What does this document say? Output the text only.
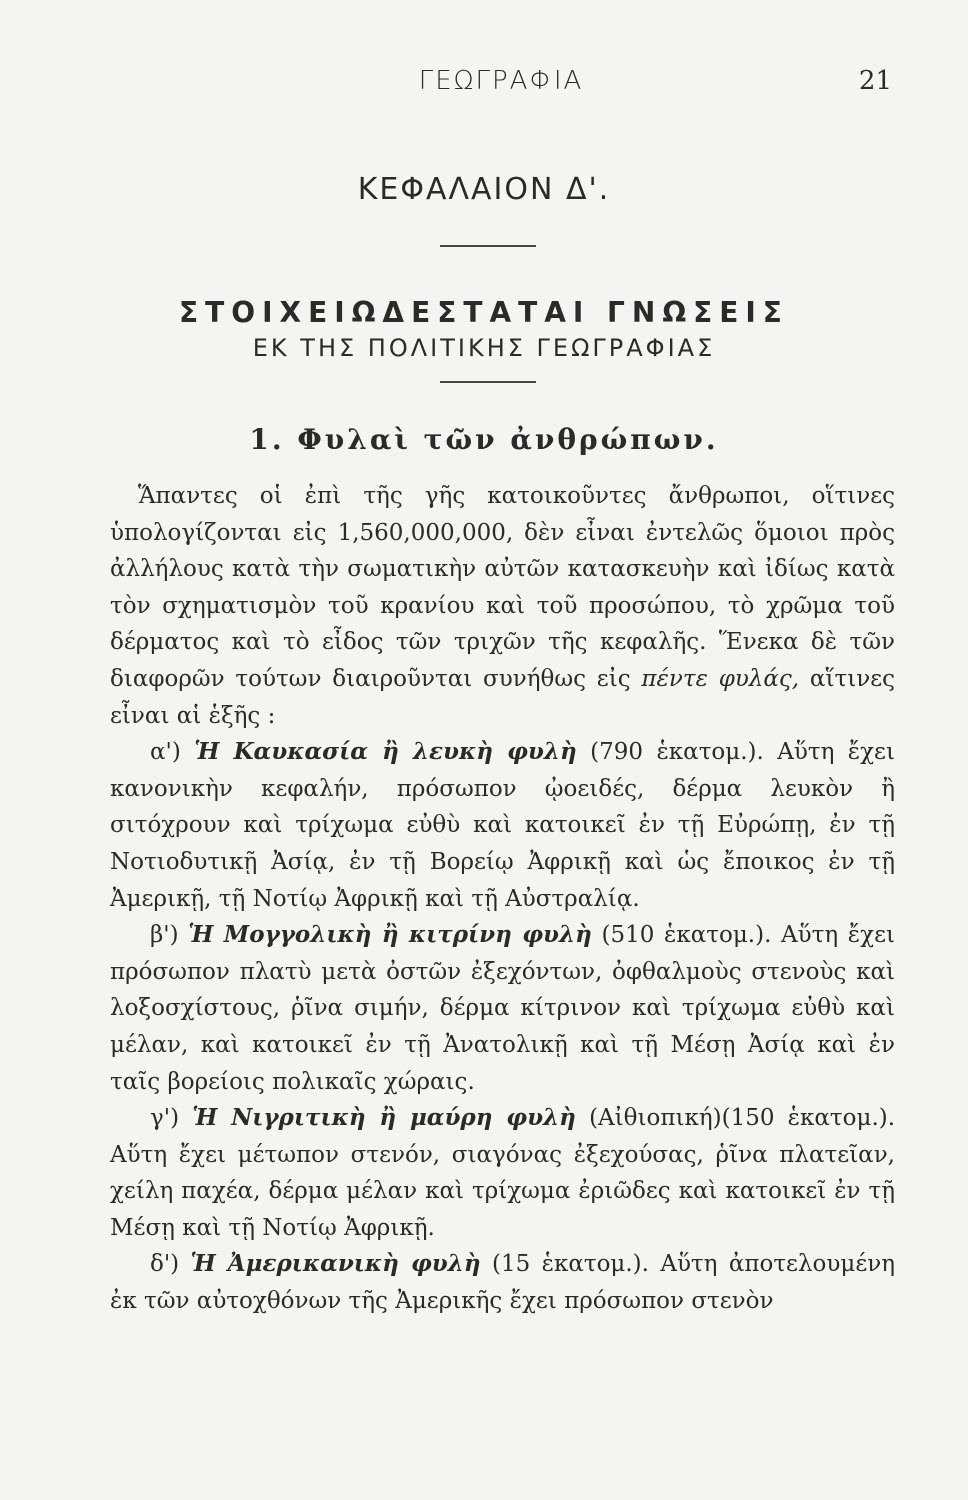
ΓΕΩΓΡΑΦΙΑ	21
ΚΕΦΑΛΑΙΟΝ Δ'.
ΣΤΟΙΧΕΙΩΔΕΣΤΑΤΑΙ ΓΝΩΣΕΙΣ
ΕΚ ΤΗΣ ΠΟΛΙΤΙΚΗΣ ΓΕΩΓΡΑΦΙΑΣ
1. Φυλαὶ τῶν ἀνθρώπων.

Ἅπαντες οἱ ἐπὶ τῆς γῆς κατοικοῦντες ἄνθρωποι, οἵτινες ὑπολογίζονται εἰς 1,560,000,000, δὲν εἶναι ἐντελῶς ὅμοιοι πρὸς ἀλλήλους κατὰ τὴν σωματικὴν αὐτῶν κατασκευὴν καὶ ἰδίως κατὰ τὸν σχηματισμὸν τοῦ κρανίου καὶ τοῦ προσώπου, τὸ χρῶμα τοῦ δέρματος καὶ τὸ εἶδος τῶν τριχῶν τῆς κεφαλῆς. Ἕνεκα δὲ τῶν διαφορῶν τούτων διαιροῦνται συνήθως εἰς πέντε φυλάς, αἵτινες εἶναι αἱ ἑξῆς :

α') Ἡ Καυκασία ἢ λευκὴ φυλὴ (790 ἑκατομ.). Αὕτη ἔχει κανονικὴν κεφαλήν, πρόσωπον ᾠοειδές, δέρμα λευκὸν ἢ σιτόχρουν καὶ τρίχωμα εὐθὺ καὶ κατοικεῖ ἐν τῇ Εὐρώπῃ, ἐν τῇ Νοτιοδυτικῇ Ἀσίᾳ, ἐν τῇ Βορείῳ Ἀφρικῇ καὶ ὡς ἔποικος ἐν τῇ Ἀμερικῇ, τῇ Νοτίῳ Ἀφρικῇ καὶ τῇ Αὐστραλίᾳ.

β') Ἡ Μογγολικὴ ἢ κιτρίνη φυλὴ (510 ἑκατομ.). Αὕτη ἔχει πρόσωπον πλατὺ μετὰ ὀστῶν ἐξεχόντων, ὀφθαλμοὺς στενοὺς καὶ λοξοσχίστους, ῥῖνα σιμήν, δέρμα κίτρινον καὶ τρίχωμα εὐθὺ καὶ μέλαν, καὶ κατοικεῖ ἐν τῇ Ἀνατολικῇ καὶ τῇ Μέσῃ Ἀσίᾳ καὶ ἐν ταῖς βορείοις πολικαῖς χώραις.

γ') Ἡ Νιγριτικὴ ἢ μαύρη φυλὴ (Αἰθιοπική)(150 ἑκατομ.). Αὕτη ἔχει μέτωπον στενόν, σιαγόνας ἐξεχούσας, ῥῖνα πλατεῖαν, χείλη παχέα, δέρμα μέλαν καὶ τρίχωμα ἐριῶδες καὶ κατοικεῖ ἐν τῇ Μέσῃ καὶ τῇ Νοτίῳ Ἀφρικῇ.

δ') Ἡ Ἀμερικανικὴ φυλὴ (15 ἑκατομ.). Αὕτη ἀποτελουμένη ἐκ τῶν αὐτοχθόνων τῆς Ἀμερικῆς ἔχει πρόσωπον στενὸν
